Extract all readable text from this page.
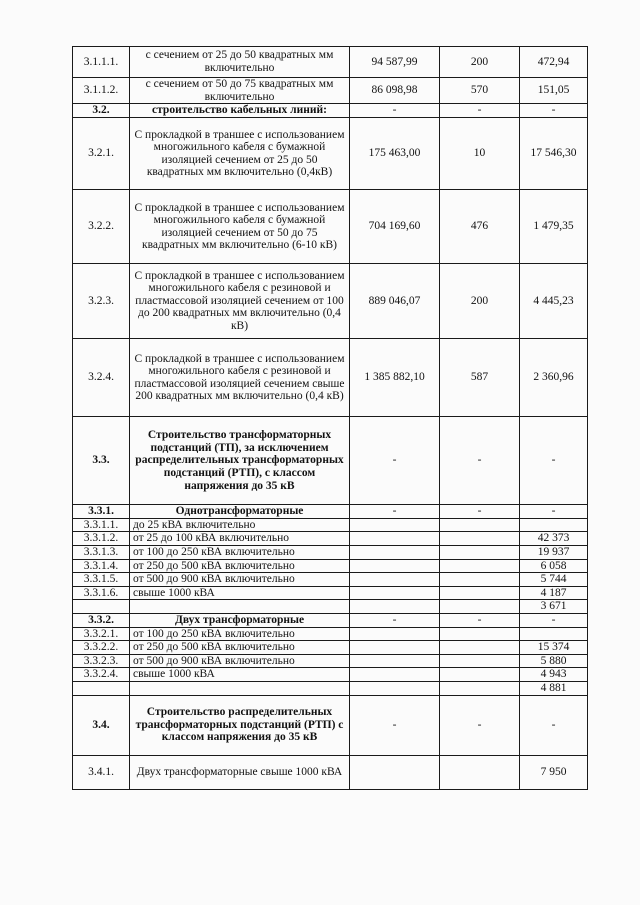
3.1.1.1.	с сечением от 25 до 50 квадратных мм включительно	94 587,99	200	472,94
3.1.1.2.	с сечением от 50 до 75 квадратных мм включительно	86 098,98	570	151,05
3.2.	строительство кабельных линий:	-	-	-
3.2.1.	С прокладкой в траншее с использованием многожильного кабеля с бумажной изоляцией сечением от 25 до 50 квадратных мм включительно (0,4кВ)	175 463,00	10	17 546,30
3.2.2.	С прокладкой в траншее с использованием многожильного кабеля с бумажной изоляцией сечением от 50 до 75 квадратных мм включительно (6-10 кВ)	704 169,60	476	1 479,35
3.2.3.	С прокладкой в траншее с использованием многожильного кабеля с резиновой и пластмассовой изоляцией сечением от 100 до 200 квадратных мм включительно (0,4 кВ)	889 046,07	200	4 445,23
3.2.4.	С прокладкой в траншее с использованием многожильного кабеля с резиновой и пластмассовой изоляцией сечением свыше 200 квадратных мм включительно (0,4 кВ)	1 385 882,10	587	2 360,96
3.3.	Строительство трансформаторных подстанций (ТП), за исключением распределительных трансформаторных подстанций (РТП), с классом напряжения до 35 кВ	-	-	-
3.3.1.	Однотрансформаторные	-	-	-
3.3.1.1.	до 25 кВА включительно			
3.3.1.2.	от 25 до 100 кВА включительно			42 373
3.3.1.3.	от 100 до 250 кВА включительно			19 937
3.3.1.4.	от 250 до 500 кВА включительно			6 058
3.3.1.5.	от 500 до 900 кВА включительно			5 744
3.3.1.6.	свыше 1000 кВА			4 187
				3 671
3.3.2.	Двух трансформаторные	-	-	-
3.3.2.1.	от 100 до 250 кВА включительно			
3.3.2.2.	от 250 до 500 кВА включительно			15 374
3.3.2.3.	от 500 до 900 кВА включительно			5 880
3.3.2.4.	свыше 1000 кВА			4 943
				4 881
3.4.	Строительство распределительных трансформаторных подстанций (РТП) с классом напряжения до 35 кВ	-	-	-
3.4.1.	Двух трансформаторные свыше 1000 кВА			7 950
